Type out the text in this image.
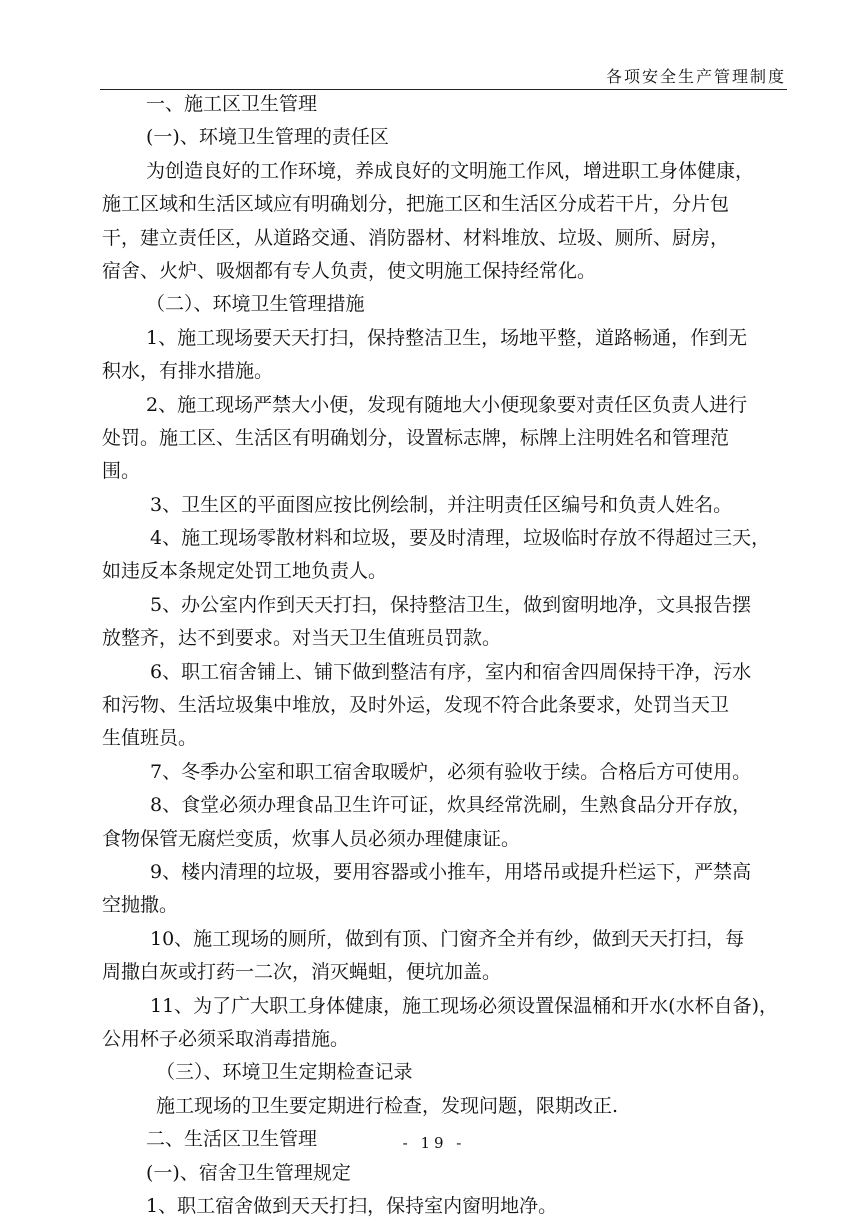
各项安全生产管理制度
一、施工区卫生管理
(一)、环境卫生管理的责任区
为创造良好的工作环境，养成良好的文明施工作风，增进职工身体健康，
施工区域和生活区域应有明确划分，把施工区和生活区分成若干片，分片包
干，建立责任区，从道路交通、消防器材、材料堆放、垃圾、厕所、厨房，
宿舍、火炉、吸烟都有专人负责，使文明施工保持经常化。
（二）、环境卫生管理措施
1、施工现场要天天打扫，保持整洁卫生，场地平整，道路畅通，作到无
积水，有排水措施。
2、施工现场严禁大小便，发现有随地大小便现象要对责任区负责人进行
处罚。施工区、生活区有明确划分，设置标志牌，标牌上注明姓名和管理范
围。
3、卫生区的平面图应按比例绘制，并注明责任区编号和负责人姓名。
4、施工现场零散材料和垃圾，要及时清理，垃圾临时存放不得超过三天，
如违反本条规定处罚工地负责人。
5、办公室内作到天天打扫，保持整洁卫生，做到窗明地净，文具报告摆
放整齐，达不到要求。对当天卫生值班员罚款。
6、职工宿舍铺上、铺下做到整洁有序，室内和宿舍四周保持干净，污水
和污物、生活垃圾集中堆放，及时外运，发现不符合此条要求，处罚当天卫
生值班员。
7、冬季办公室和职工宿舍取暖炉，必须有验收于续。合格后方可使用。
8、食堂必须办理食品卫生许可证，炊具经常洗刷，生熟食品分开存放，
食物保管无腐烂变质，炊事人员必须办理健康证。
9、楼内清理的垃圾，要用容器或小推车，用塔吊或提升栏运下，严禁高
空抛撒。
10、施工现场的厕所，做到有顶、门窗齐全并有纱，做到天天打扫，每
周撒白灰或打药一二次，消灭蝇蛆，便坑加盖。
11、为了广大职工身体健康，施工现场必须设置保温桶和开水(水杯自备)，
公用杯子必须采取消毒措施。
（三）、环境卫生定期检查记录
施工现场的卫生要定期进行检查，发现问题，限期改正.
二、生活区卫生管理
(一)、宿舍卫生管理规定
1、职工宿舍做到天天打扫，保持室内窗明地净。
- 19 -
